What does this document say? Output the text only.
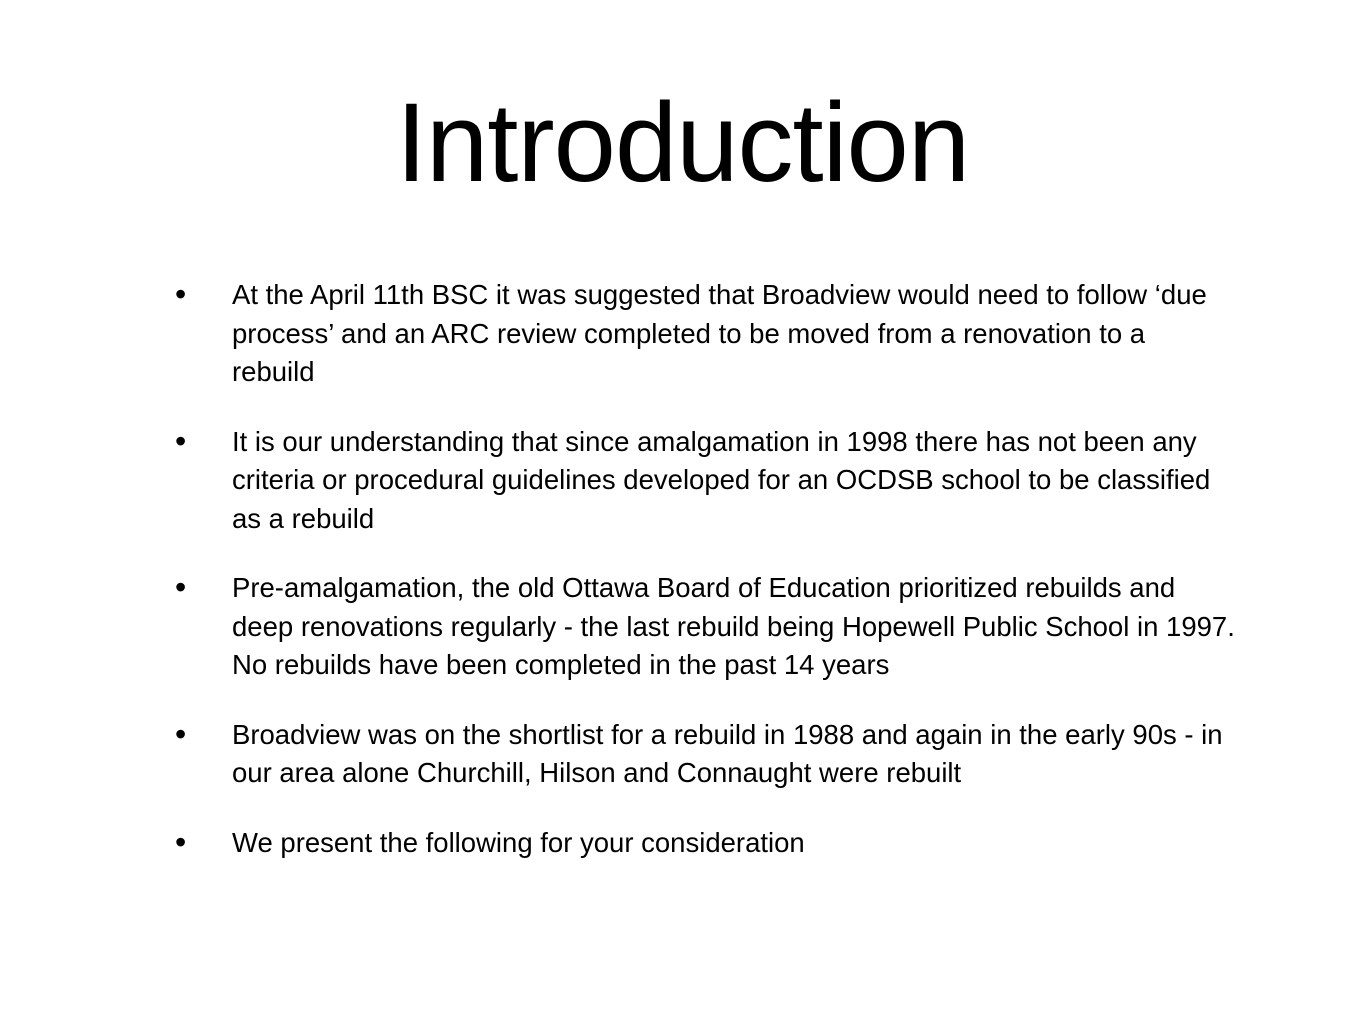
Introduction
• At the April 11th BSC it was suggested that Broadview would need to follow ‘due process’ and an ARC review completed to be moved from a renovation to a rebuild
• It is our understanding that since amalgamation in 1998 there has not been any criteria or procedural guidelines developed for an OCDSB school to be classified as a rebuild
• Pre-amalgamation, the old Ottawa Board of Education prioritized rebuilds and deep renovations regularly - the last rebuild being Hopewell Public School in 1997. No rebuilds have been completed in the past 14 years
• Broadview was on the shortlist for a rebuild in 1988 and again in the early 90s - in our area alone Churchill, Hilson and Connaught were rebuilt
• We present the following for your consideration
